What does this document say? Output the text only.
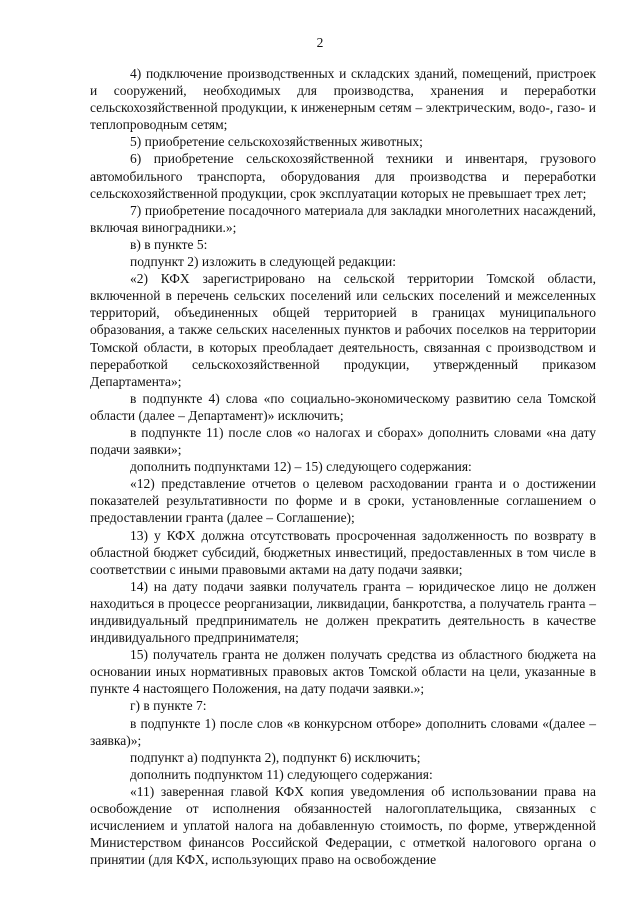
2

4) подключение производственных и складских зданий, помещений, пристроек и сооружений, необходимых для производства, хранения и переработки сельскохозяйственной продукции, к инженерным сетям – электрическим, водо-, газо- и теплопроводным сетям;

5) приобретение сельскохозяйственных животных;

6) приобретение сельскохозяйственной техники и инвентаря, грузового автомобильного транспорта, оборудования для производства и переработки сельскохозяйственной продукции, срок эксплуатации которых не превышает трех лет;

7) приобретение посадочного материала для закладки многолетних насаждений, включая виноградники.»;

в) в пункте 5:

подпункт 2) изложить в следующей редакции:

«2) КФХ зарегистрировано на сельской территории Томской области, включенной в перечень сельских поселений или сельских поселений и межселенных территорий, объединенных общей территорией в границах муниципального образования, а также сельских населенных пунктов и рабочих поселков на территории Томской области, в которых преобладает деятельность, связанная с производством и переработкой сельскохозяйственной продукции, утвержденный приказом Департамента»;

в подпункте 4) слова «по социально-экономическому развитию села Томской области (далее – Департамент)» исключить;

в подпункте 11) после слов «о налогах и сборах» дополнить словами «на дату подачи заявки»;

дополнить подпунктами 12) – 15) следующего содержания:

«12) представление отчетов о целевом расходовании гранта и о достижении показателей результативности по форме и в сроки, установленные соглашением о предоставлении гранта (далее – Соглашение);

13) у КФХ должна отсутствовать просроченная задолженность по возврату в областной бюджет субсидий, бюджетных инвестиций, предоставленных в том числе в соответствии с иными правовыми актами на дату подачи заявки;

14) на дату подачи заявки получатель гранта – юридическое лицо не должен находиться в процессе реорганизации, ликвидации, банкротства, а получатель гранта – индивидуальный предприниматель не должен прекратить деятельность в качестве индивидуального предпринимателя;

15) получатель гранта не должен получать средства из областного бюджета на основании иных нормативных правовых актов Томской области на цели, указанные в пункте 4 настоящего Положения, на дату подачи заявки.»;

г) в пункте 7:

в подпункте 1) после слов «в конкурсном отборе» дополнить словами «(далее – заявка)»;

подпункт а) подпункта 2), подпункт 6) исключить;

дополнить подпунктом 11) следующего содержания:

«11) заверенная главой КФХ копия уведомления об использовании права на освобождение от исполнения обязанностей налогоплательщика, связанных с исчислением и уплатой налога на добавленную стоимость, по форме, утвержденной Министерством финансов Российской Федерации, с отметкой налогового органа о принятии (для КФХ, использующих право на освобождение
